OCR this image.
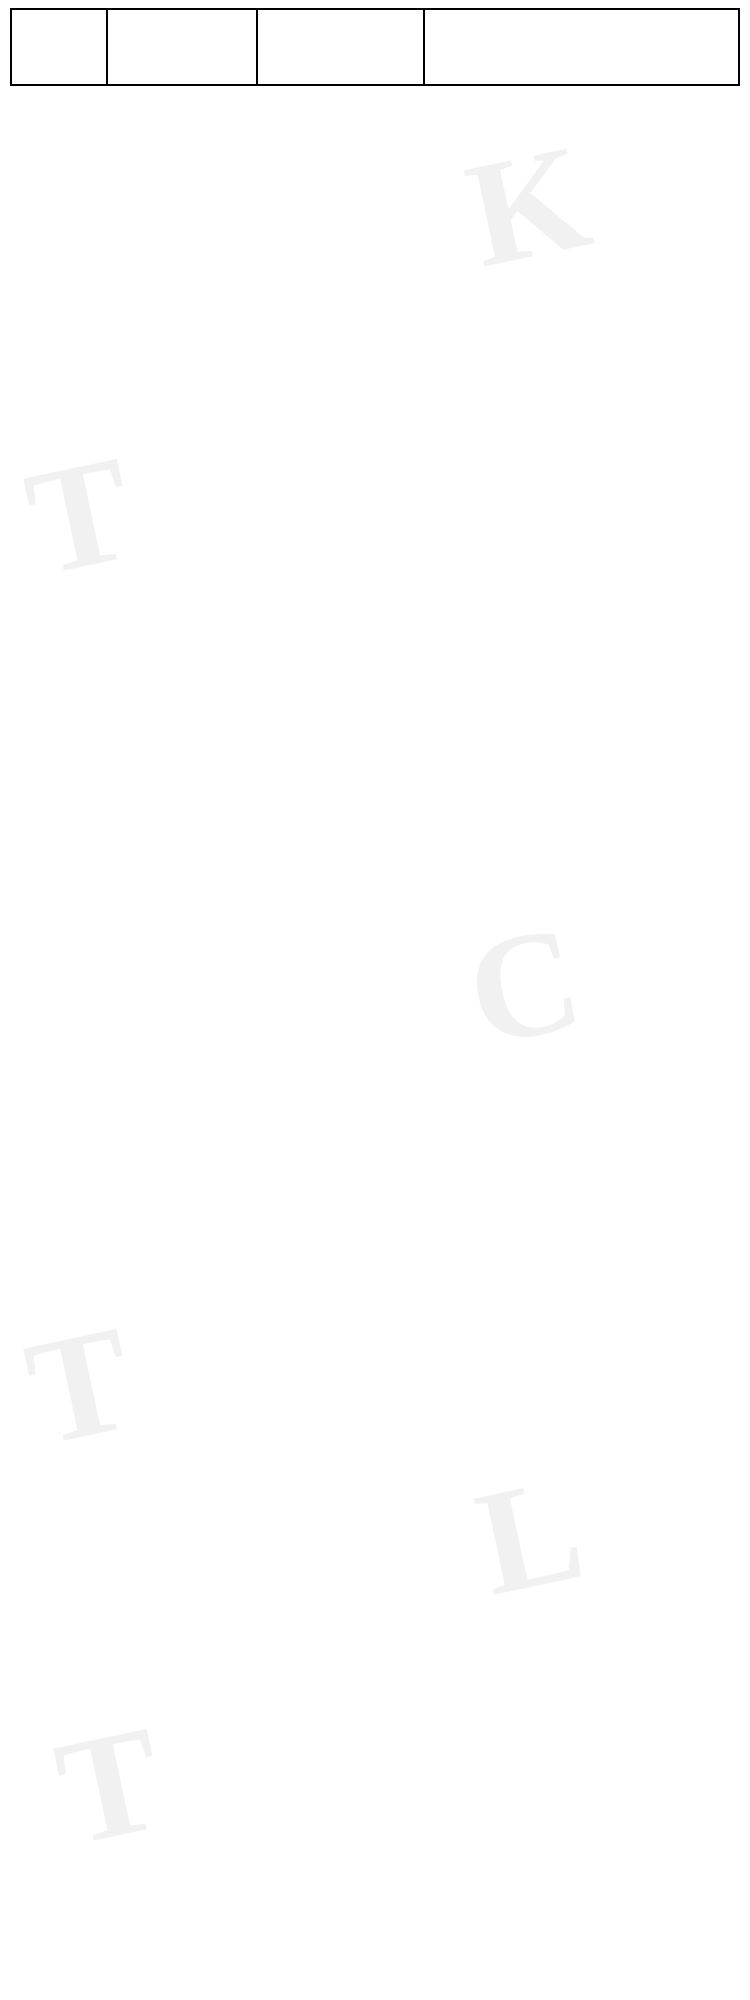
T
K
C
T
L
T
